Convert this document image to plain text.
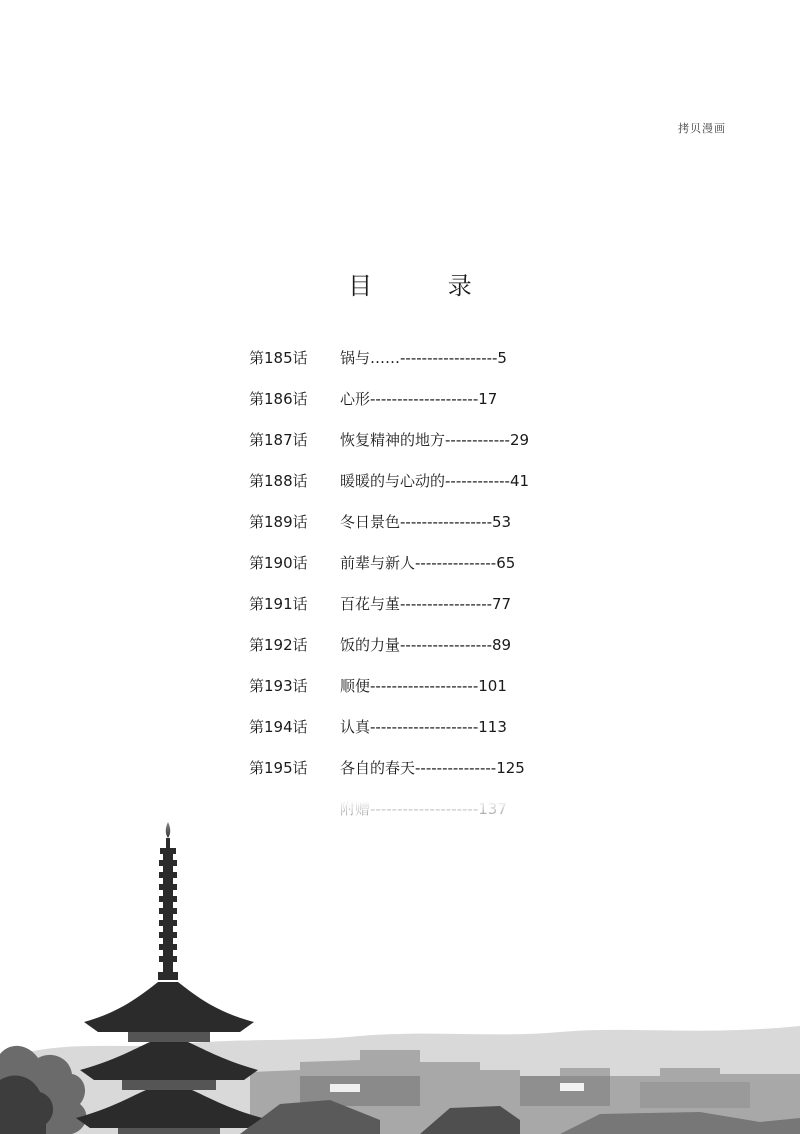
拷贝漫画
目 录
第185话 锅与……------------------5
第186话 心形--------------------17
第187话 恢复精神的地方------------29
第188话 暖暖的与心动的------------41
第189话 冬日景色-----------------53
第190话 前辈与新人---------------65
第191话 百花与堇-----------------77
第192话 饭的力量-----------------89
第193话 顺便--------------------101
第194话 认真--------------------113
第195话 各自的春天---------------125
